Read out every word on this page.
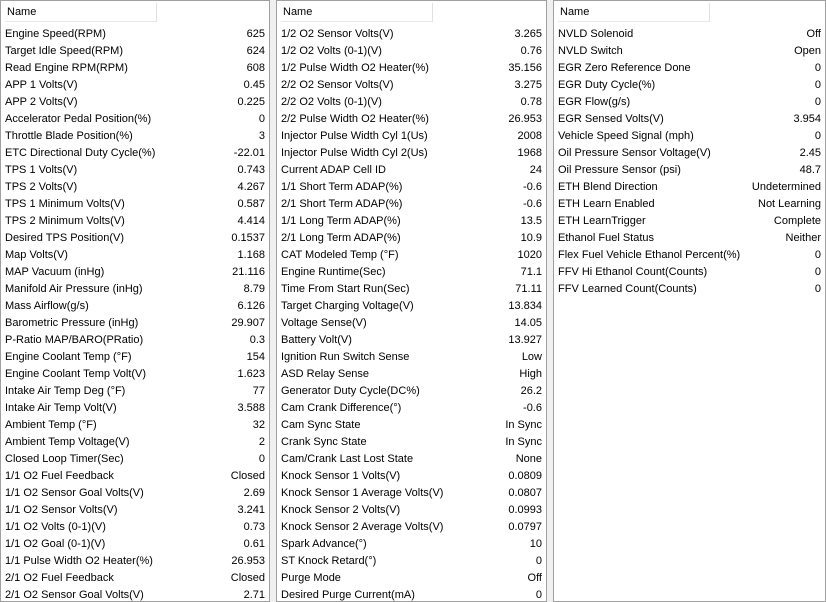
Name
Engine Speed(RPM)	625
Target Idle Speed(RPM)	624
Read Engine RPM(RPM)	608
APP 1 Volts(V)	0.45
APP 2 Volts(V)	0.225
Accelerator Pedal Position(%)	0
Throttle Blade Position(%)	3
ETC Directional Duty Cycle(%)	-22.01
TPS 1 Volts(V)	0.743
TPS 2 Volts(V)	4.267
TPS 1 Minimum Volts(V)	0.587
TPS 2 Minimum Volts(V)	4.414
Desired TPS Position(V)	0.1537
Map Volts(V)	1.168
MAP Vacuum (inHg)	21.116
Manifold Air Pressure (inHg)	8.79
Mass Airflow(g/s)	6.126
Barometric Pressure (inHg)	29.907
P-Ratio MAP/BARO(PRatio)	0.3
Engine Coolant Temp (°F)	154
Engine Coolant Temp Volt(V)	1.623
Intake Air Temp Deg (°F)	77
Intake Air Temp Volt(V)	3.588
Ambient Temp (°F)	32
Ambient Temp Voltage(V)	2
Closed Loop Timer(Sec)	0
1/1 O2 Fuel Feedback	Closed
1/1 O2 Sensor Goal Volts(V)	2.69
1/1 O2 Sensor Volts(V)	3.241
1/1 O2 Volts (0-1)(V)	0.73
1/1 O2 Goal (0-1)(V)	0.61
1/1 Pulse Width O2 Heater(%)	26.953
2/1 O2 Fuel Feedback	Closed
2/1 O2 Sensor Goal Volts(V)	2.71
Name
1/2 O2 Sensor Volts(V)	3.265
1/2 O2 Volts (0-1)(V)	0.76
1/2 Pulse Width O2 Heater(%)	35.156
2/2 O2 Sensor Volts(V)	3.275
2/2 O2 Volts (0-1)(V)	0.78
2/2 Pulse Width O2 Heater(%)	26.953
Injector Pulse Width Cyl 1(Us)	2008
Injector Pulse Width Cyl 2(Us)	1968
Current ADAP Cell ID	24
1/1 Short Term ADAP(%)	-0.6
2/1 Short Term ADAP(%)	-0.6
1/1 Long Term ADAP(%)	13.5
2/1 Long Term ADAP(%)	10.9
CAT Modeled Temp (°F)	1020
Engine Runtime(Sec)	71.1
Time From Start Run(Sec)	71.11
Target Charging Voltage(V)	13.834
Voltage Sense(V)	14.05
Battery Volt(V)	13.927
Ignition Run Switch Sense	Low
ASD Relay Sense	High
Generator Duty Cycle(DC%)	26.2
Cam Crank Difference(°)	-0.6
Cam Sync State	In Sync
Crank Sync State	In Sync
Cam/Crank Last Lost State	None
Knock Sensor 1 Volts(V)	0.0809
Knock Sensor 1 Average Volts(V)	0.0807
Knock Sensor 2 Volts(V)	0.0993
Knock Sensor 2 Average Volts(V)	0.0797
Spark Advance(°)	10
ST Knock Retard(°)	0
Purge Mode	Off
Desired Purge Current(mA)	0
Name
NVLD Solenoid	Off
NVLD Switch	Open
EGR Zero Reference Done	0
EGR Duty Cycle(%)	0
EGR Flow(g/s)	0
EGR Sensed Volts(V)	3.954
Vehicle Speed Signal (mph)	0
Oil Pressure Sensor Voltage(V)	2.45
Oil Pressure Sensor (psi)	48.7
ETH Blend Direction	Undetermined
ETH Learn Enabled	Not Learning
ETH LearnTrigger	Complete
Ethanol Fuel Status	Neither
Flex Fuel Vehicle Ethanol Percent(%)	0
FFV Hi Ethanol Count(Counts)	0
FFV Learned Count(Counts)	0
